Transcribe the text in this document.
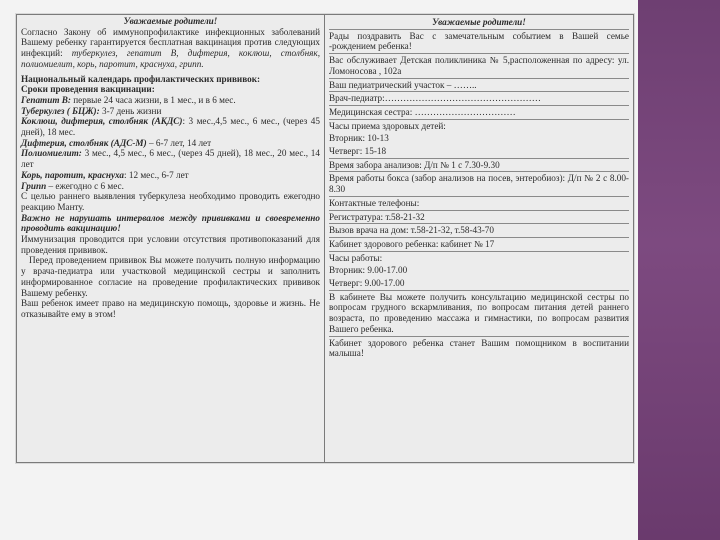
Уважаемые родители!
Согласно Закону об иммунопрофилактике инфекционных заболеваний Вашему ребенку гарантируется бесплатная вакцинация против следующих инфекций: туберкулез, гепатит В, дифтерия, коклюш, столбняк, полиомиелит, корь, паротит, краснуха, грипп.
Национальный календарь профилактических прививок:
Сроки проведения вакцинации:
Гепатит В: первые 24 часа жизни, в 1 мес., и в 6 мес.
Туберкулез ( БЦЖ): 3-7 день жизни
Коклюш, дифтерия, столбняк (АКДС): 3 мес.,4,5 мес., 6 мес., (через 45 дней), 18 мес.
Дифтерия, столбняк (АДС-М) – 6-7 лет, 14 лет
Полиомиелит: 3 мес., 4,5 мес., 6 мес., (через 45 дней), 18 мес., 20 мес., 14 лет
Корь, паротит, краснуха: 12 мес., 6-7 лет
Грипп – ежегодно с 6 мес.
С целью раннего выявления туберкулеза необходимо проводить ежегодно реакцию Манту.
Важно не нарушать интервалов между прививками и своевременно проводить вакцинацию!
Иммунизация проводится при условии отсутствия противопоказаний для проведения прививок.
Перед проведением прививок Вы можете получить полную информацию у врача-педиатра или участковой медицинской сестры и заполнить информированное согласие на проведение профилактических прививок Вашему ребенку.
Ваш ребенок имеет право на медицинскую помощь, здоровье и жизнь. Не отказывайте ему в этом!
Уважаемые родители!
Рады поздравить Вас с замечательным событием в Вашей семье -рождением ребенка!
Вас обслуживает Детская поликлиника № 5,расположенная по адресу: ул. Ломоносова , 102а
Ваш педиатрический участок – ……..
Врач-педиатр:……………………………………………
Медицинская сестра: ……………………………
Часы приема здоровых детей:
Вторник: 10-13
Четверг: 15-18
Время забора анализов: Д/п № 1 с 7.30-9.30
Время работы бокса (забор анализов на посев, энтеробиоз): Д/п № 2 с 8.00-8.30
Контактные телефоны:
Регистратура: т.58-21-32
Вызов врача на дом: т.58-21-32, т.58-43-70
Кабинет здорового ребенка: кабинет № 17
Часы работы:
Вторник: 9.00-17.00
Четверг: 9.00-17.00
В кабинете Вы можете получить консультацию медицинской сестры по вопросам грудного вскармливания, по вопросам питания детей раннего возраста, по проведению массажа и гимнастики, по вопросам развития Вашего ребенка.
Кабинет здорового ребенка станет Вашим помощником в воспитании малыша!
